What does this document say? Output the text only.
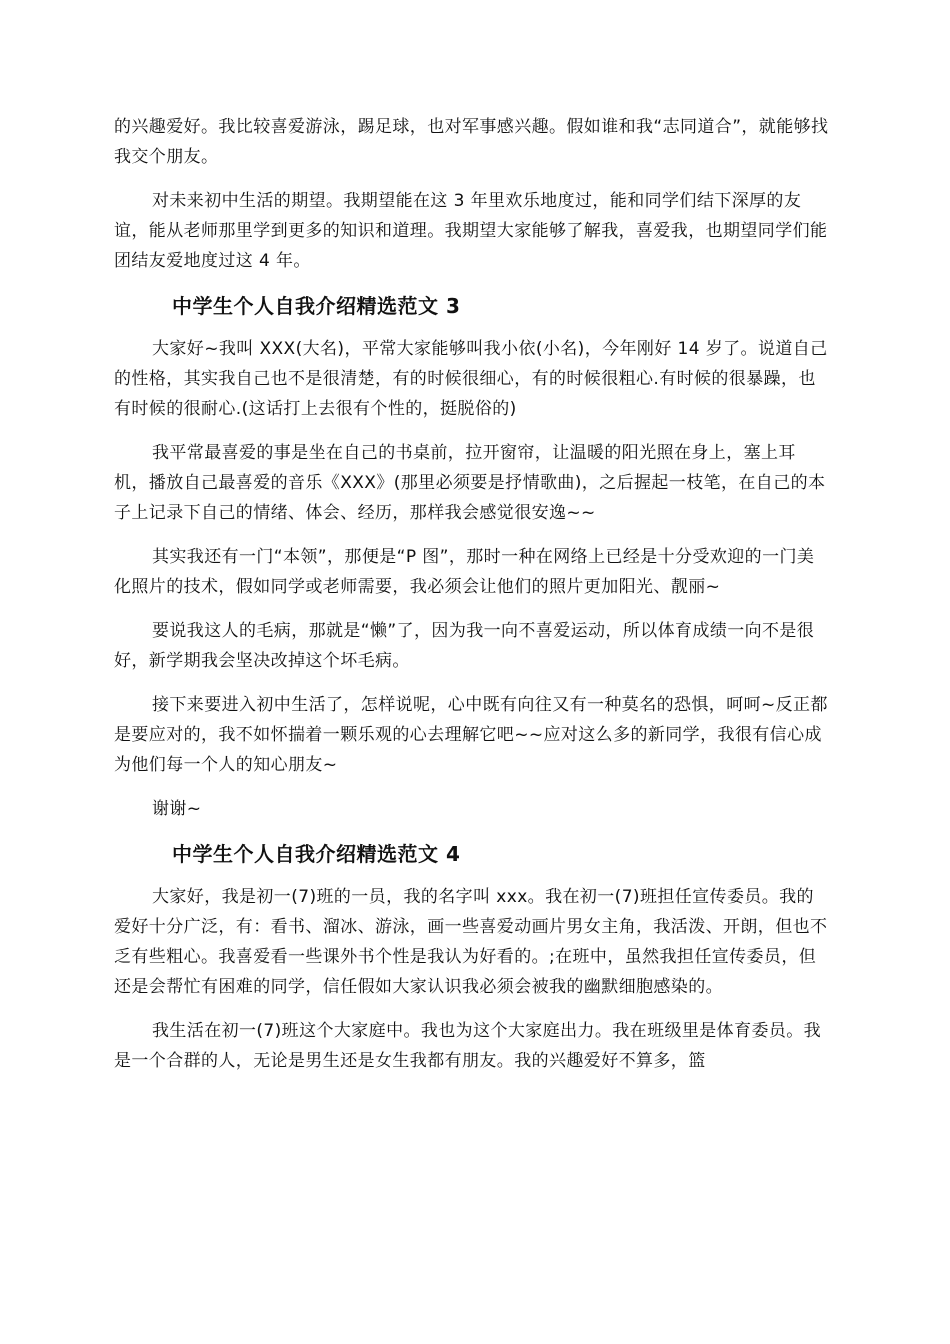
的兴趣爱好。我比较喜爱游泳，踢足球，也对军事感兴趣。假如谁和我“志同道合”，就能够找我交个朋友。

对未来初中生活的期望。我期望能在这 3 年里欢乐地度过，能和同学们结下深厚的友谊，能从老师那里学到更多的知识和道理。我期望大家能够了解我，喜爱我，也期望同学们能团结友爱地度过这 4 年。

中学生个人自我介绍精选范文 3

大家好~我叫 XXX(大名)，平常大家能够叫我小依(小名)，今年刚好 14 岁了。说道自己的性格，其实我自己也不是很清楚，有的时候很细心，有的时候很粗心.有时候的很暴躁，也有时候的很耐心.(这话打上去很有个性的，挺脱俗的)

我平常最喜爱的事是坐在自己的书桌前，拉开窗帘，让温暖的阳光照在身上，塞上耳机，播放自己最喜爱的音乐《XXX》(那里必须要是抒情歌曲)，之后握起一枝笔，在自己的本子上记录下自己的情绪、体会、经历，那样我会感觉很安逸~~

其实我还有一门“本领”，那便是“P 图”，那时一种在网络上已经是十分受欢迎的一门美化照片的技术，假如同学或老师需要，我必须会让他们的照片更加阳光、靓丽~

要说我这人的毛病，那就是“懒”了，因为我一向不喜爱运动，所以体育成绩一向不是很好，新学期我会坚决改掉这个坏毛病。

接下来要进入初中生活了，怎样说呢，心中既有向往又有一种莫名的恐惧，呵呵~反正都是要应对的，我不如怀揣着一颗乐观的心去理解它吧~~应对这么多的新同学，我很有信心成为他们每一个人的知心朋友~

谢谢~

中学生个人自我介绍精选范文 4

大家好，我是初一(7)班的一员，我的名字叫 xxx。我在初一(7)班担任宣传委员。我的爱好十分广泛，有：看书、溜冰、游泳，画一些喜爱动画片男女主角，我活泼、开朗，但也不乏有些粗心。我喜爱看一些课外书个性是我认为好看的。;在班中，虽然我担任宣传委员，但还是会帮忙有困难的同学，信任假如大家认识我必须会被我的幽默细胞感染的。

我生活在初一(7)班这个大家庭中。我也为这个大家庭出力。我在班级里是体育委员。我是一个合群的人，无论是男生还是女生我都有朋友。我的兴趣爱好不算多，篮
